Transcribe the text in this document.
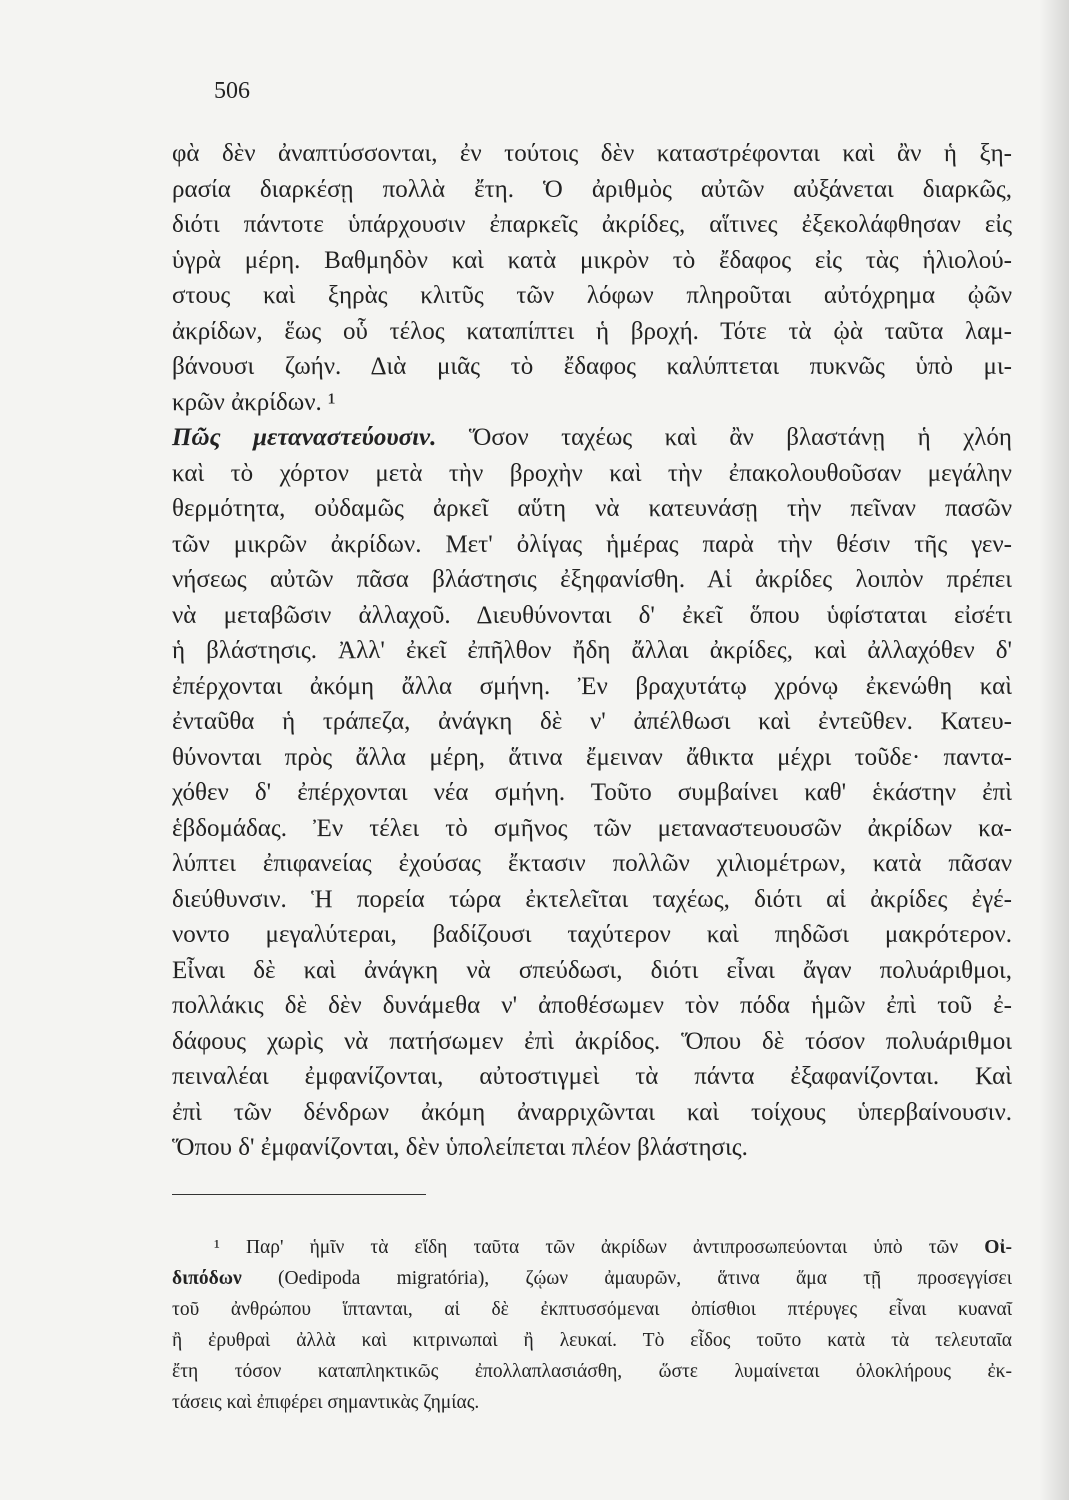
506
φὰ δὲν ἀναπτύσσονται, ἐν τούτοις δὲν καταστρέφονται καὶ ἂν ἡ ξη-
ρασία διαρκέσῃ πολλὰ ἔτη. Ὁ ἀριθμὸς αὐτῶν αὐξάνεται διαρκῶς,
διότι πάντοτε ὑπάρχουσιν ἐπαρκεῖς ἀκρίδες, αἵτινες ἐξεκολάφθησαν εἰς
ὑγρὰ μέρη. Βαθμηδὸν καὶ κατὰ μικρὸν τὸ ἔδαφος εἰς τὰς ἡλιολού-
στους καὶ ξηρὰς κλιτῦς τῶν λόφων πληροῦται αὐτόχρημα ᾠῶν
ἀκρίδων, ἕως οὗ τέλος καταπίπτει ἡ βροχή. Τότε τὰ ᾠὰ ταῦτα λαμ-
βάνουσι ζωήν. Διὰ μιᾶς τὸ ἔδαφος καλύπτεται πυκνῶς ὑπὸ μι-
κρῶν ἀκρίδων. ¹
Πῶς μεταναστεύουσιν. Ὅσον ταχέως καὶ ἂν βλαστάνῃ ἡ χλόη
καὶ τὸ χόρτον μετὰ τὴν βροχὴν καὶ τὴν ἐπακολουθοῦσαν μεγάλην
θερμότητα, οὐδαμῶς ἀρκεῖ αὕτη νὰ κατευνάσῃ τὴν πεῖναν πασῶν
τῶν μικρῶν ἀκρίδων. Μετ' ὀλίγας ἡμέρας παρὰ τὴν θέσιν τῆς γεν-
νήσεως αὐτῶν πᾶσα βλάστησις ἐξηφανίσθη. Αἱ ἀκρίδες λοιπὸν πρέπει
νὰ μεταβῶσιν ἀλλαχοῦ. Διευθύνονται δ' ἐκεῖ ὅπου ὑφίσταται εἰσέτι
ἡ βλάστησις. Ἀλλ' ἐκεῖ ἐπῆλθον ἤδη ἄλλαι ἀκρίδες, καὶ ἀλλαχόθεν δ'
ἐπέρχονται ἀκόμη ἄλλα σμήνη. Ἐν βραχυτάτῳ χρόνῳ ἐκενώθη καὶ
ἐνταῦθα ἡ τράπεζα, ἀνάγκη δὲ ν' ἀπέλθωσι καὶ ἐντεῦθεν. Κατευ-
θύνονται πρὸς ἄλλα μέρη, ἅτινα ἔμειναν ἄθικτα μέχρι τοῦδε· παντα-
χόθεν δ' ἐπέρχονται νέα σμήνη. Τοῦτο συμβαίνει καθ' ἑκάστην ἐπὶ
ἑβδομάδας. Ἐν τέλει τὸ σμῆνος τῶν μεταναστευουσῶν ἀκρίδων κα-
λύπτει ἐπιφανείας ἐχούσας ἔκτασιν πολλῶν χιλιομέτρων, κατὰ πᾶσαν
διεύθυνσιν. Ἡ πορεία τώρα ἐκτελεῖται ταχέως, διότι αἱ ἀκρίδες ἐγέ-
νοντο μεγαλύτεραι, βαδίζουσι ταχύτερον καὶ πηδῶσι μακρότερον.
Εἶναι δὲ καὶ ἀνάγκη νὰ σπεύδωσι, διότι εἶναι ἄγαν πολυάριθμοι,
πολλάκις δὲ δὲν δυνάμεθα ν' ἀποθέσωμεν τὸν πόδα ἡμῶν ἐπὶ τοῦ ἐ-
δάφους χωρὶς νὰ πατήσωμεν ἐπὶ ἀκρίδος. Ὅπου δὲ τόσον πολυάριθμοι
πειναλέαι ἐμφανίζονται, αὐτοστιγμεὶ τὰ πάντα ἐξαφανίζονται. Καὶ
ἐπὶ τῶν δένδρων ἀκόμη ἀναρριχῶνται καὶ τοίχους ὑπερβαίνουσιν.
Ὅπου δ' ἐμφανίζονται, δὲν ὑπολείπεται πλέον βλάστησις.
¹ Παρ' ἡμῖν τὰ εἴδη ταῦτα τῶν ἀκρίδων ἀντιπροσωπεύονται ὑπὸ τῶν Οἰ-
διπόδων (Oedipoda migratória), ζῴων ἀμαυρῶν, ἅτινα ἅμα τῇ προσεγγίσει
τοῦ ἀνθρώπου ἵπτανται, αἱ δὲ ἐκπτυσσόμεναι ὀπίσθιοι πτέρυγες εἶναι κυαναῖ
ἢ ἐρυθραὶ ἀλλὰ καὶ κιτρινωπαὶ ἢ λευκαί. Τὸ εἶδος τοῦτο κατὰ τὰ τελευταῖα
ἔτη τόσον καταπληκτικῶς ἐπολλαπλασιάσθη, ὥστε λυμαίνεται ὁλοκλήρους ἐκ-
τάσεις καὶ ἐπιφέρει σημαντικὰς ζημίας.
